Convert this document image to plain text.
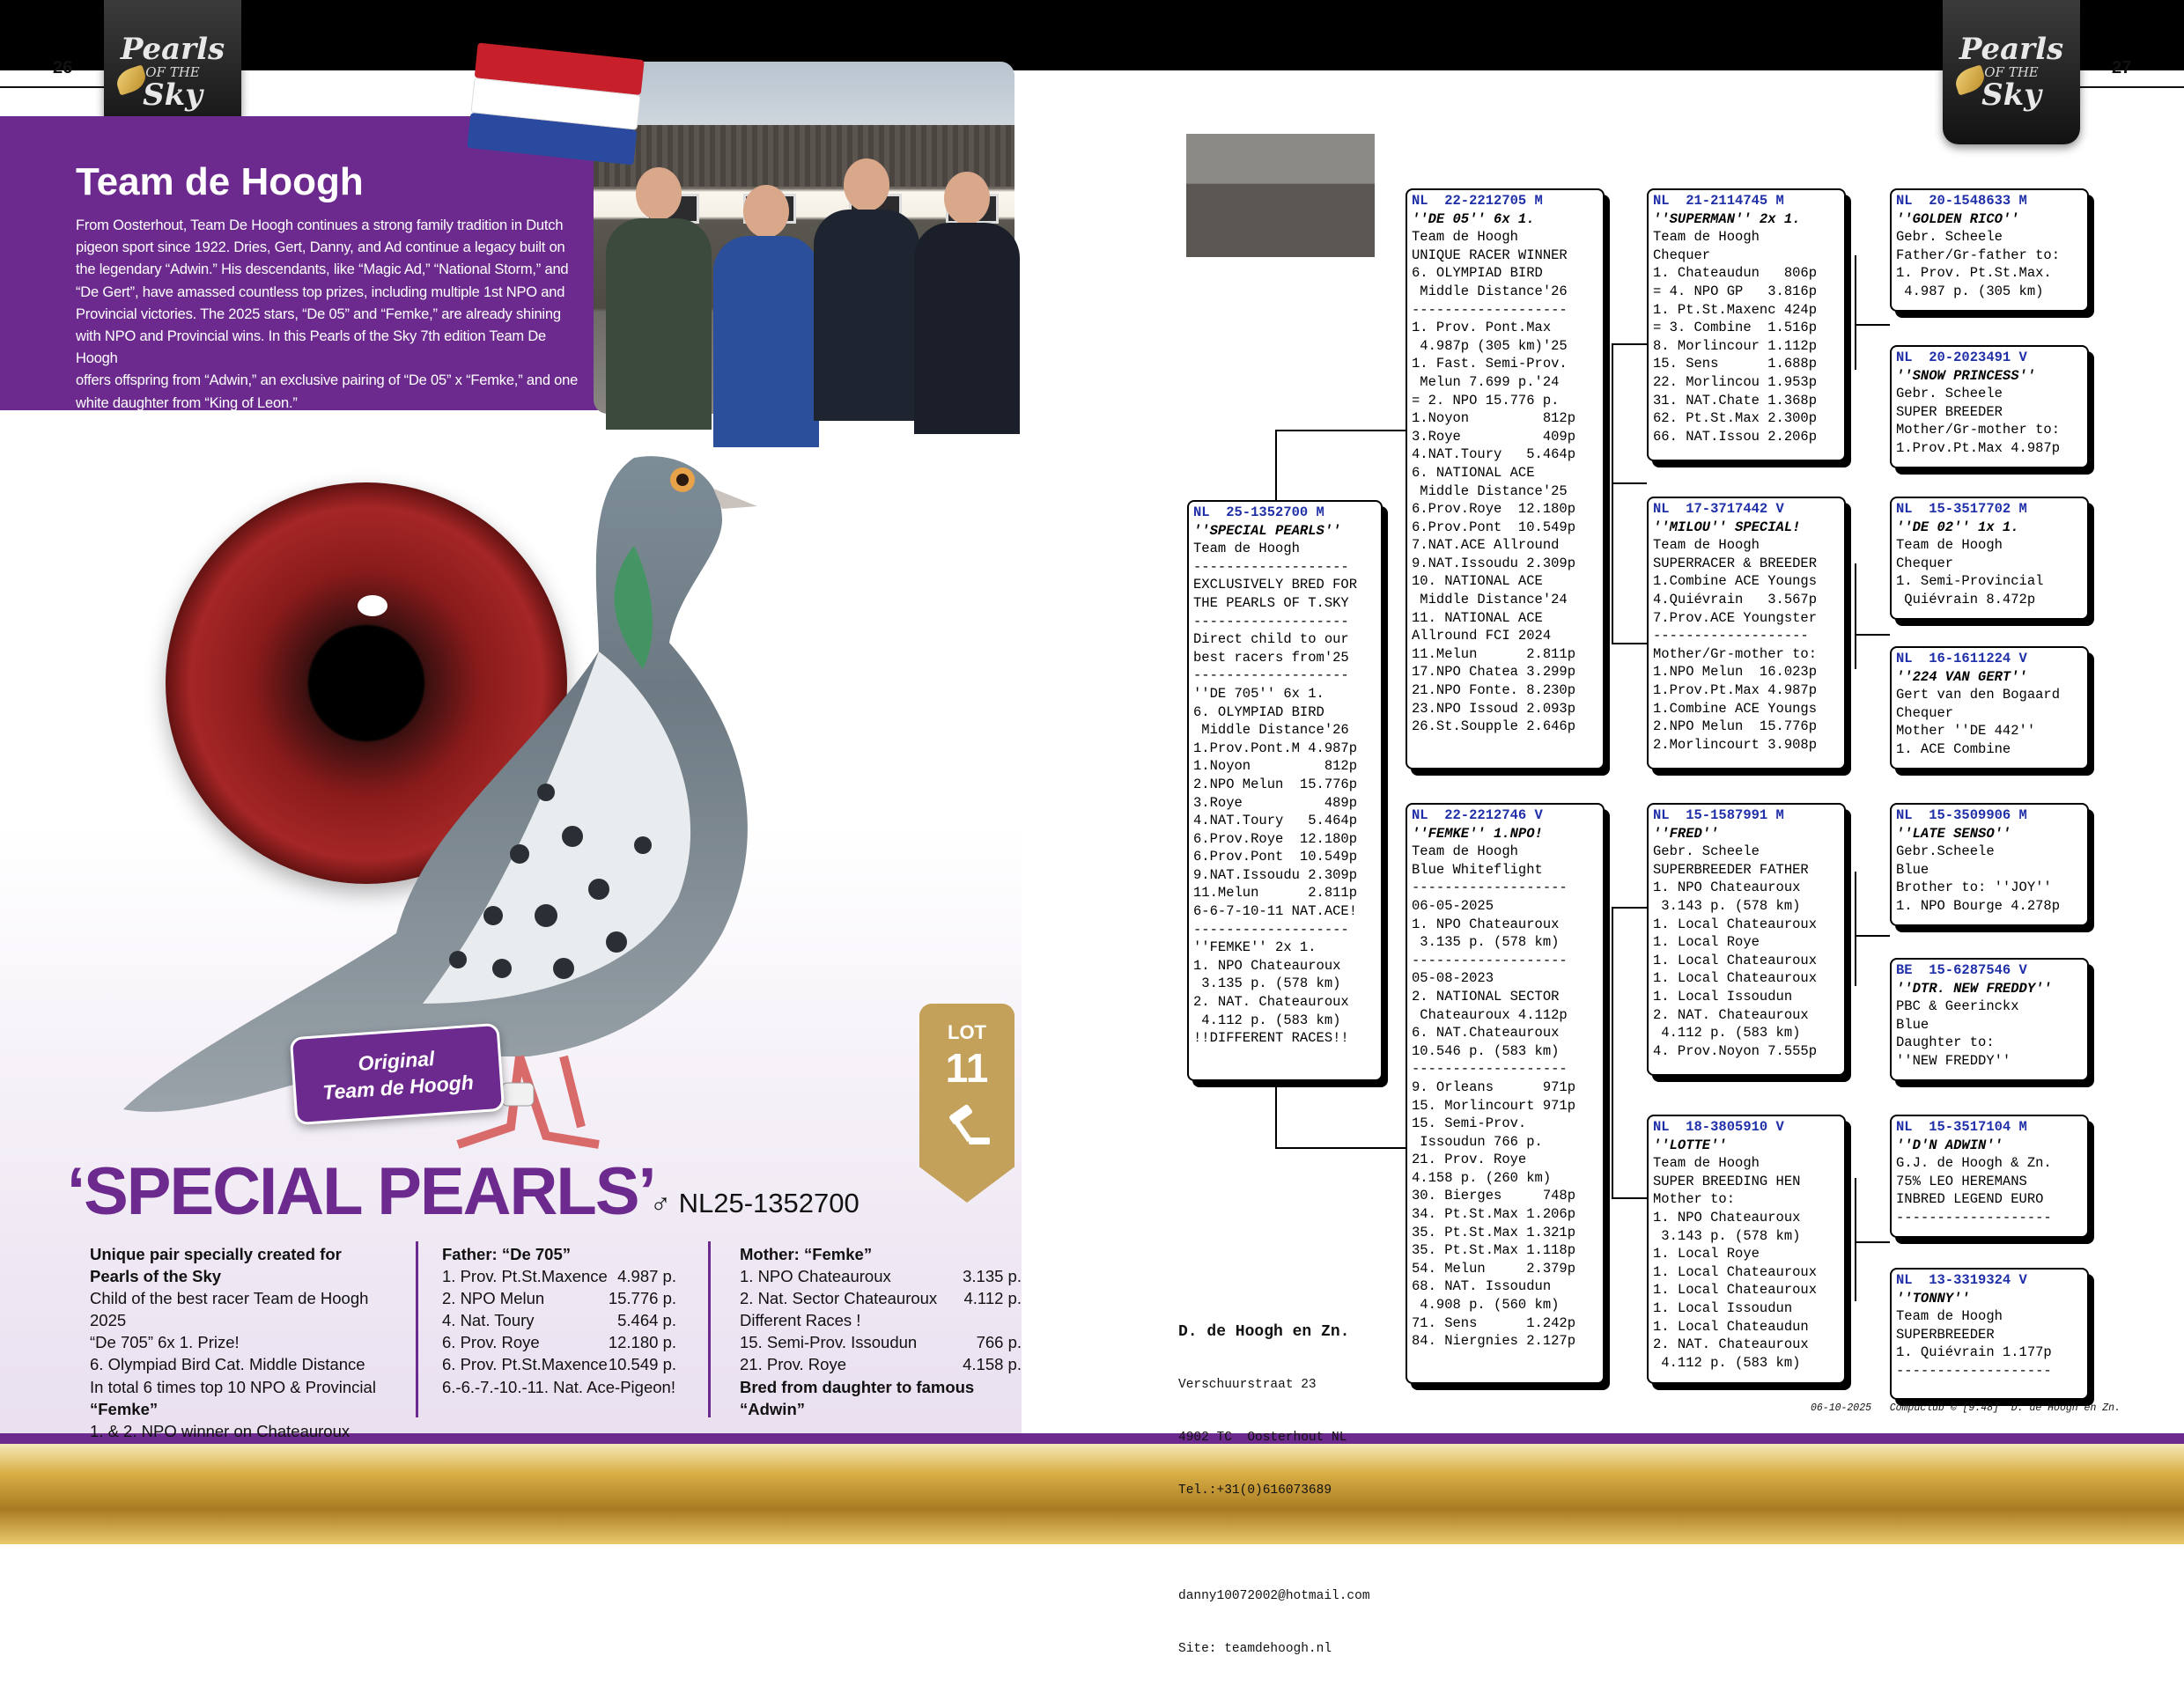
26
Pearls
OF THE
Sky
Team de Hoogh
From Oosterhout, Team De Hoogh continues a strong family tradition in Dutch
pigeon sport since 1922. Dries, Gert, Danny, and Ad continue a legacy built on
the legendary “Adwin.” His descendants, like “Magic Ad,” “National Storm,” and
“De Gert”, have amassed countless top prizes, including multiple 1st NPO and
Provincial victories. The 2025 stars, “De 05” and “Femke,” are already shining
with NPO and Provincial wins. In this Pearls of the Sky 7th edition Team De Hoogh
offers offspring from “Adwin,” an exclusive pairing of “De 05” x “Femke,” and one
white daughter from “King of Leon.”
Original
Team de Hoogh
LOT
11
‘SPECIAL PEARLS’
♂ NL25-1352700
Unique pair specially created for
Pearls of the Sky
Child of the best racer Team de Hoogh 2025
“De 705” 6x 1. Prize!
6. Olympiad Bird Cat. Middle Distance
In total 6 times top 10 NPO & Provincial
“Femke”
1. & 2. NPO winner on Chateauroux
Father: “De 705”
1. Prov. Pt.St.Maxence 4.987 p.
2. NPO Melun	15.776 p.
4. Nat. Toury	5.464 p.
6. Prov. Roye	12.180 p.
6. Prov. Pt.St.Maxence 10.549 p.
6.-6.-7.-10.-11. Nat. Ace-Pigeon!
Mother: “Femke”
1. NPO Chateauroux	3.135 p.
2. Nat. Sector Chateauroux 4.112 p.
Different Races !
15. Semi-Prov. Issoudun	766 p.
21. Prov. Roye	4.158 p.
Bred from daughter to famous “Adwin”
27
Pearls
OF THE
Sky
NL  25-1352700 M
''SPECIAL PEARLS''
Team de Hoogh
-------------------
EXCLUSIVELY BRED FOR
THE PEARLS OF T.SKY
-------------------
Direct child to our
best racers from'25
-------------------
''DE 705'' 6x 1.
6. OLYMPIAD BIRD
Middle Distance'26
1.Prov.Pont.M 4.987p
1.Noyon         812p
2.NPO Melun  15.776p
3.Roye          489p
4.NAT.Toury   5.464p
6.Prov.Roye  12.180p
6.Prov.Pont  10.549p
9.NAT.Issoudu 2.309p
11.Melun      2.811p
6-6-7-10-11 NAT.ACE!
-------------------
''FEMKE'' 2x 1.
1. NPO Chateauroux
3.135 p. (578 km)
2. NAT. Chateauroux
4.112 p. (583 km)
!!DIFFERENT RACES!!
NL  22-2212705 M
''DE 05'' 6x 1.
Team de Hoogh
UNIQUE RACER WINNER
6. OLYMPIAD BIRD
Middle Distance'26
-------------------
1. Prov. Pont.Max
4.987p (305 km)'25
1. Fast. Semi-Prov.
Melun 7.699 p.'24
= 2. NPO 15.776 p.
1.Noyon         812p
3.Roye          409p
4.NAT.Toury   5.464p
6. NATIONAL ACE
Middle Distance'25
6.Prov.Roye  12.180p
6.Prov.Pont  10.549p
7.NAT.ACE Allround
9.NAT.Issoudu 2.309p
10. NATIONAL ACE
Middle Distance'24
11. NATIONAL ACE
Allround FCI 2024
11.Melun      2.811p
17.NPO Chatea 3.299p
21.NPO Fonte. 8.230p
23.NPO Issoud 2.093p
26.St.Soupple 2.646p
NL  22-2212746 V
''FEMKE'' 1.NPO!
Team de Hoogh
Blue Whiteflight
-------------------
06-05-2025
1. NPO Chateauroux
3.135 p. (578 km)
-------------------
05-08-2023
2. NATIONAL SECTOR
Chateauroux 4.112p
6. NAT.Chateauroux
10.546 p. (583 km)
-------------------
9. Orleans      971p
15. Morlincourt 971p
15. Semi-Prov.
Issoudun 766 p.
21. Prov. Roye
4.158 p. (260 km)
30. Bierges     748p
34. Pt.St.Max 1.206p
35. Pt.St.Max 1.321p
35. Pt.St.Max 1.118p
54. Melun     2.379p
68. NAT. Issoudun
4.908 p. (560 km)
71. Sens      1.242p
84. Niergnies 2.127p
NL  21-2114745 M
''SUPERMAN'' 2x 1.
Team de Hoogh
Chequer
1. Chateaudun   806p
= 4. NPO GP   3.816p
1. Pt.St.Maxenc 424p
= 3. Combine  1.516p
8. Morlincour 1.112p
15. Sens      1.688p
22. Morlincou 1.953p
31. NAT.Chate 1.368p
62. Pt.St.Max 2.300p
66. NAT.Issou 2.206p
NL  17-3717442 V
''MILOU'' SPECIAL!
Team de Hoogh
SUPERRACER & BREEDER
1.Combine ACE Youngs
4.Quiévrain   3.567p
7.Prov.ACE Youngster
-------------------
Mother/Gr-mother to:
1.NPO Melun  16.023p
1.Prov.Pt.Max 4.987p
1.Combine ACE Youngs
2.NPO Melun  15.776p
2.Morlincourt 3.908p
NL  15-1587991 M
''FRED''
Gebr. Scheele
SUPERBREEDER FATHER
1. NPO Chateauroux
3.143 p. (578 km)
1. Local Chateauroux
1. Local Roye
1. Local Chateauroux
1. Local Chateauroux
1. Local Issoudun
2. NAT. Chateauroux
4.112 p. (583 km)
4. Prov.Noyon 7.555p
NL  18-3805910 V
''LOTTE''
Team de Hoogh
SUPER BREEDING HEN
Mother to:
1. NPO Chateauroux
3.143 p. (578 km)
1. Local Roye
1. Local Chateauroux
1. Local Chateauroux
1. Local Issoudun
1. Local Chateaudun
2. NAT. Chateauroux
4.112 p. (583 km)
NL  20-1548633 M
''GOLDEN RICO''
Gebr. Scheele
Father/Gr-father to:
1. Prov. Pt.St.Max.
4.987 p. (305 km)
NL  20-2023491 V
''SNOW PRINCESS''
Gebr. Scheele
SUPER BREEDER
Mother/Gr-mother to:
1.Prov.Pt.Max 4.987p
NL  15-3517702 M
''DE 02'' 1x 1.
Team de Hoogh
Chequer
1. Semi-Provincial
Quiévrain 8.472p
NL  16-1611224 V
''224 VAN GERT''
Gert van den Bogaard
Chequer
Mother ''DE 442''
1. ACE Combine
NL  15-3509906 M
''LATE SENSO''
Gebr.Scheele
Blue
Brother to: ''JOY''
1. NPO Bourge 4.278p
BE  15-6287546 V
''DTR. NEW FREDDY''
PBC & Geerinckx
Blue
Daughter to:
''NEW FREDDY''
NL  15-3517104 M
''D'N ADWIN''
G.J. de Hoogh & Zn.
75% LEO HEREMANS
INBRED LEGEND EURO
-------------------
NL  13-3319324 V
''TONNY''
Team de Hoogh
SUPERBREEDER
1. Quiévrain 1.177p
-------------------

D. de Hoogh en Zn.

Verschuurstraat 23

4902 TC  Oosterhout NL

Tel.:+31(0)616073689

danny10072002@hotmail.com

Site: teamdehoogh.nl

06-10-2025   Compuclub © [9.48]  D. de Hoogh en Zn.
